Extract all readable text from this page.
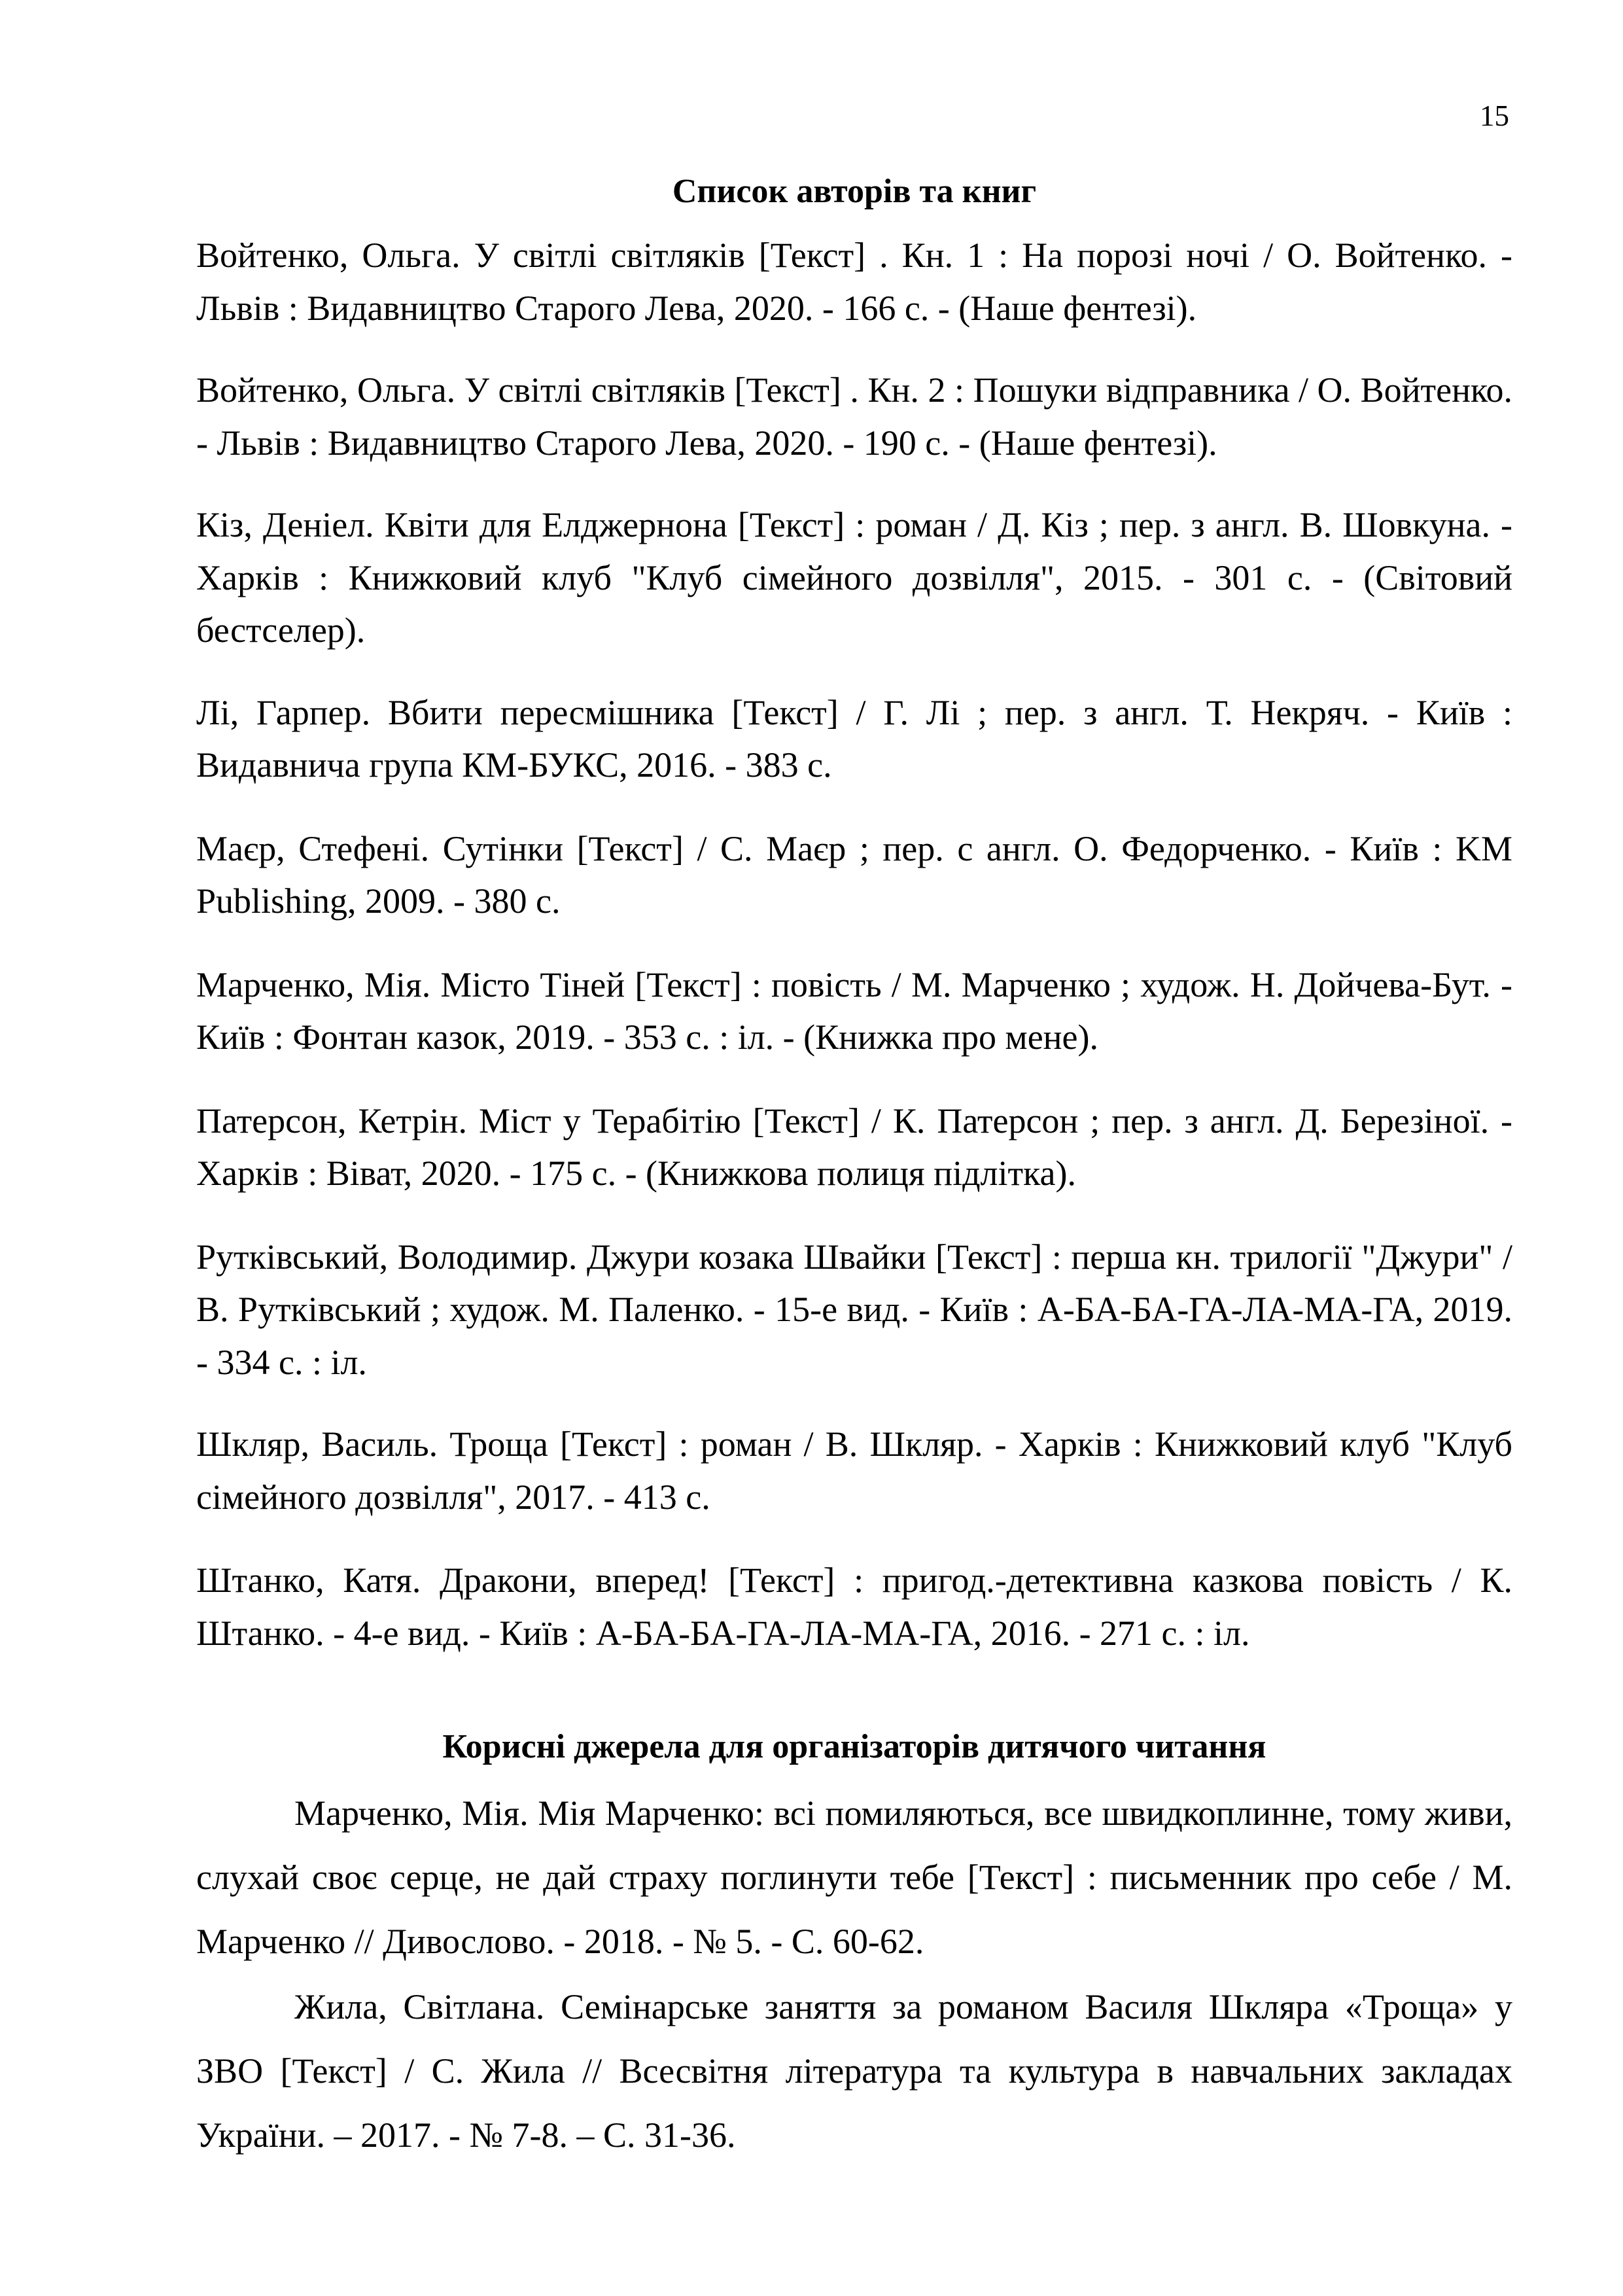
15
Список авторів та книг

Войтенко, Ольга. У світлі світляків [Текст] . Кн. 1 : На порозі ночі / О. Войтенко. - Львів : Видавництво Старого Лева, 2020. - 166 с. - (Наше фентезі).

Войтенко, Ольга. У світлі світляків [Текст] . Кн. 2 : Пошуки відправника / О. Войтенко. - Львів : Видавництво Старого Лева, 2020. - 190 с. - (Наше фентезі).

Кіз, Деніел. Квіти для Елджернона [Текст] : роман / Д. Кіз ; пер. з англ. В. Шовкуна. - Харків : Книжковий клуб "Клуб сімейного дозвілля", 2015. - 301 с. - (Світовий бестселер).

Лі, Гарпер. Вбити пересмішника [Текст] / Г. Лі ; пер. з англ. Т. Некряч. - Київ : Видавнича група КМ-БУКС, 2016. - 383 с.

Маєр, Стефені. Сутінки [Текст] / С. Маєр ; пер. с англ. О. Федорченко. - Київ : KM Publishing, 2009. - 380 с.

Марченко, Мія. Місто Тіней [Текст] : повість / М. Марченко ; худож. Н. Дойчева-Бут. - Київ : Фонтан казок, 2019. - 353 с. : іл. - (Книжка про мене).

Патерсон, Кетрін. Міст у Терабітію [Текст] / К. Патерсон ; пер. з англ. Д. Березіної. - Харків : Віват, 2020. - 175 с. - (Книжкова полиця підлітка).

Рутківський, Володимир. Джури козака Швайки [Текст] : перша кн. трилогії "Джури" / В. Рутківський ; худож. М. Паленко. - 15-е вид. - Київ : А-БА-БА-ГА-ЛА-МА-ГА, 2019. - 334 с. : іл.

Шкляр, Василь. Троща [Текст] : роман / В. Шкляр. - Харків : Книжковий клуб "Клуб сімейного дозвілля", 2017. - 413 с.

Штанко, Катя. Дракони, вперед! [Текст] : пригод.-детективна казкова повість / К. Штанко. - 4-е вид. - Київ : А-БА-БА-ГА-ЛА-МА-ГА, 2016. - 271 с. : іл.

Корисні джерела для організаторів дитячого читання

Марченко, Мія. Мія Марченко: всі помиляються, все швидкоплинне, тому живи, слухай своє серце, не дай страху поглинути тебе [Текст] : письменник про себе / М. Марченко // Дивослово. - 2018. - № 5. - С. 60-62.

Жила, Світлана. Семінарське заняття за романом Василя Шкляра «Троща» у ЗВО [Текст] / С. Жила // Всесвітня література та культура в навчальних закладах України. – 2017. - № 7-8. – С. 31-36.
